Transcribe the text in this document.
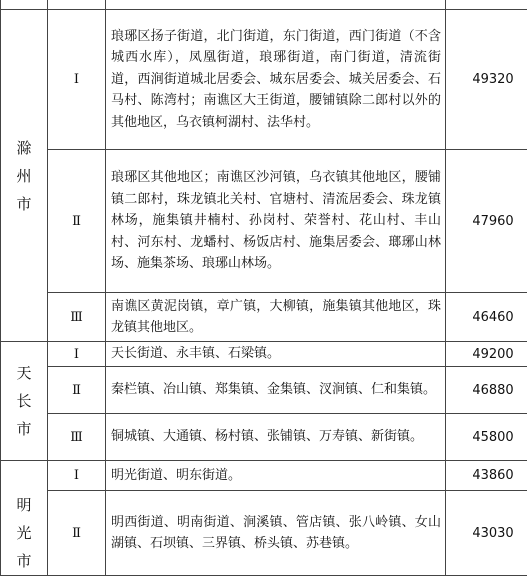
滁
州
市	Ⅰ	琅琊区扬子街道，北门街道，东门街道，西门街道（不含城西水库），凤凰街道，琅琊街道，南门街道，清流街道，西涧街道城北居委会、城东居委会、城关居委会、石马村、陈湾村；南谯区大王街道，腰铺镇除二郎村以外的其他地区，乌衣镇柯湖村、法华村。	49320
	Ⅱ	琅琊区其他地区；南谯区沙河镇，乌衣镇其他地区，腰铺镇二郎村，珠龙镇北关村、官塘村、清流居委会、珠龙镇林场，施集镇井楠村、孙岗村、荣誉村、花山村、丰山村、河东村、龙蟠村、杨饭店村、施集居委会、瑯琊山林场、施集茶场、琅琊山林场。	47960
	Ⅲ	南谯区黄泥岗镇，章广镇，大柳镇，施集镇其他地区，珠龙镇其他地区。	46460

天
长
市	Ⅰ	天长街道、永丰镇、石梁镇。	49200
	Ⅱ	秦栏镇、冶山镇、郑集镇、金集镇、汊涧镇、仁和集镇。	46880
	Ⅲ	铜城镇、大通镇、杨村镇、张铺镇、万寿镇、新街镇。	45800

明
光
市	Ⅰ	明光街道、明东街道。	43860
	Ⅱ	明西街道、明南街道、涧溪镇、管店镇、张八岭镇、女山湖镇、石坝镇、三界镇、桥头镇、苏巷镇。	43030
